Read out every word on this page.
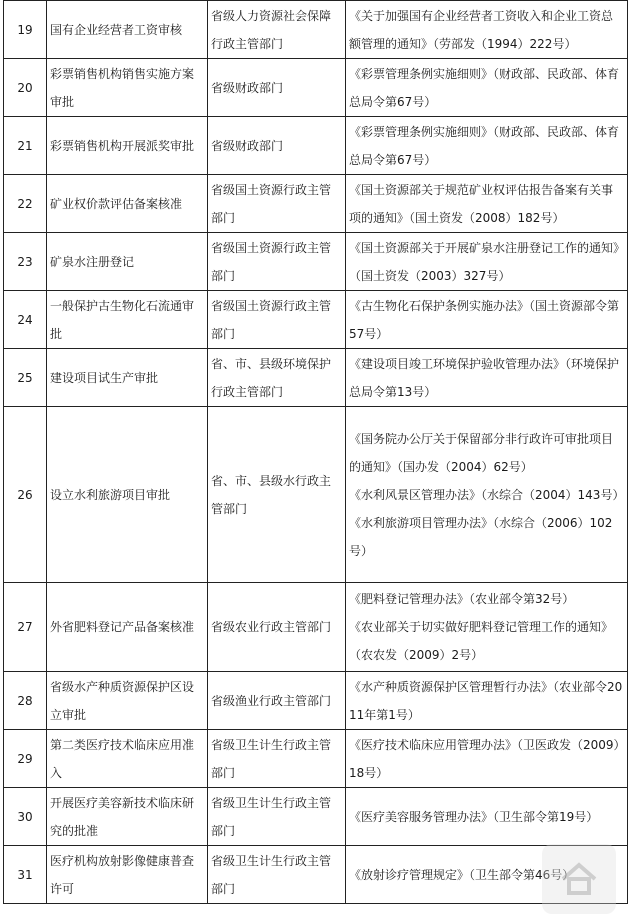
19	国有企业经营者工资审核	省级人力资源社会保障行政主管部门	《关于加强国有企业经营者工资收入和企业工资总额管理的通知》（劳部发（1994）222号）

20	彩票销售机构销售实施方案审批	省级财政部门	《彩票管理条例实施细则》（财政部、民政部、体育总局令第67号）

21	彩票销售机构开展派奖审批	省级财政部门	《彩票管理条例实施细则》（财政部、民政部、体育总局令第67号）

22	矿业权价款评估备案核准	省级国土资源行政主管部门	《国土资源部关于规范矿业权评估报告备案有关事项的通知》（国土资发（2008）182号）

23	矿泉水注册登记	省级国土资源行政主管部门	《国土资源部关于开展矿泉水注册登记工作的通知》（国土资发（2003）327号）

24	一般保护古生物化石流通审批	省级国土资源行政主管部门	《古生物化石保护条例实施办法》（国土资源部令第57号）

25	建设项目试生产审批	省、市、县级环境保护行政主管部门	《建设项目竣工环境保护验收管理办法》（环境保护总局令第13号）

26	设立水利旅游项目审批	省、市、县级水行政主管部门	《国务院办公厅关于保留部分非行政许可审批项目的通知》（国办发（2004）62号）
《水利风景区管理办法》（水综合（2004）143号）
《水利旅游项目管理办法》（水综合（2006）102号）

27	外省肥料登记产品备案核准	省级农业行政主管部门	《肥料登记管理办法》（农业部令第32号）
《农业部关于切实做好肥料登记管理工作的通知》（农农发（2009）2号）

28	省级水产种质资源保护区设立审批	省级渔业行政主管部门	《水产种质资源保护区管理暂行办法》（农业部令2011年第1号）

29	第二类医疗技术临床应用准入	省级卫生计生行政主管部门	《医疗技术临床应用管理办法》（卫医政发（2009）18号）

30	开展医疗美容新技术临床研究的批准	省级卫生计生行政主管部门	《医疗美容服务管理办法》（卫生部令第19号）

31	医疗机构放射影像健康普查许可	省级卫生计生行政主管部门	《放射诊疗管理规定》（卫生部令第46号）
